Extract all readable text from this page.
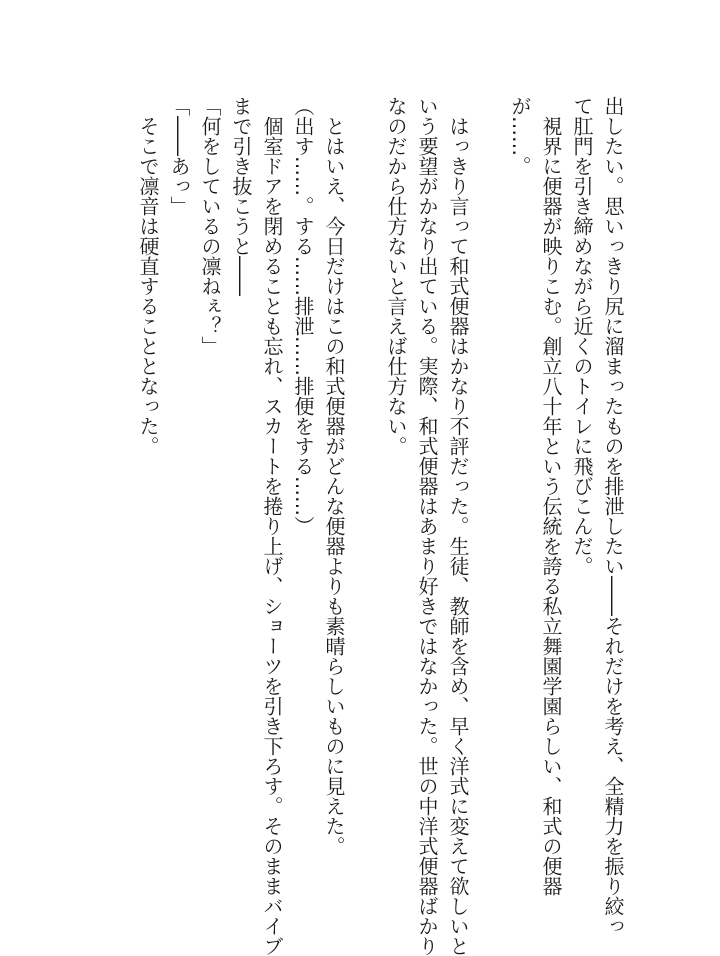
出したい。思いっきり尻に溜まったものを排泄したい――それだけを考え、全精力を振り絞っ
て肛門を引き締めながら近くのトイレに飛びこんだ。
　視界に便器が映りこむ。創立八十年という伝統を誇る私立舞園学園らしい、和式の便器
が……。
　はっきり言って和式便器はかなり不評だった。生徒、教師を含め、早く洋式に変えて欲しいと
いう要望がかなり出ている。実際、和式便器はあまり好きではなかった。世の中洋式便器ばかり
なのだから仕方ないと言えば仕方ない。
　とはいえ、今日だけはこの和式便器がどんな便器よりも素晴らしいものに見えた。
（出す……。する……排泄……排便をする……）
　個室ドアを閉めることも忘れ、スカートを捲り上げ、ショーツを引き下ろす。そのままバイブ
まで引き抜こうと――
「何をしているの凛ねぇ？」
「――あっ」
　そこで凛音は硬直することとなった。
